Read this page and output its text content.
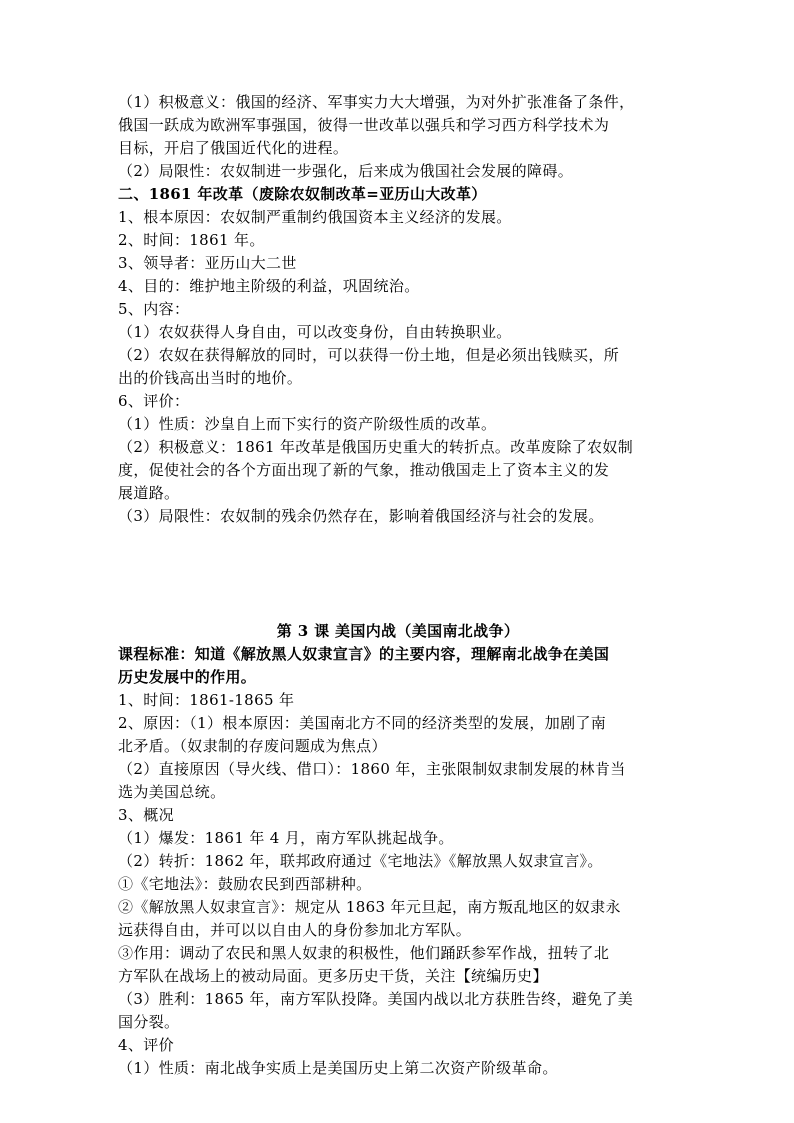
（1）积极意义：俄国的经济、军事实力大大增强，为对外扩张准备了条件，
俄国一跃成为欧洲军事强国，彼得一世改革以强兵和学习西方科学技术为
目标，开启了俄国近代化的进程。
（2）局限性：农奴制进一步强化，后来成为俄国社会发展的障碍。
二、1861 年改革（废除农奴制改革=亚历山大改革）
1、根本原因：农奴制严重制约俄国资本主义经济的发展。
2、时间：1861 年。
3、领导者：亚历山大二世
4、目的：维护地主阶级的利益，巩固统治。
5、内容：
（1）农奴获得人身自由，可以改变身份，自由转换职业。
（2）农奴在获得解放的同时，可以获得一份土地，但是必须出钱赎买，所
出的价钱高出当时的地价。
6、评价：
（1）性质：沙皇自上而下实行的资产阶级性质的改革。
（2）积极意义：1861 年改革是俄国历史重大的转折点。改革废除了农奴制
度，促使社会的各个方面出现了新的气象，推动俄国走上了资本主义的发
展道路。
（3）局限性：农奴制的残余仍然存在，影响着俄国经济与社会的发展。
第 3 课 美国内战（美国南北战争）
课程标准：知道《解放黑人奴隶宣言》的主要内容，理解南北战争在美国
历史发展中的作用。
1、时间：1861-1865 年
2、原因：（1）根本原因：美国南北方不同的经济类型的发展，加剧了南
北矛盾。（奴隶制的存废问题成为焦点）
（2）直接原因（导火线、借口）：1860 年，主张限制奴隶制发展的林肯当
选为美国总统。
3、概况
（1）爆发：1861 年 4 月，南方军队挑起战争。
（2）转折：1862 年，联邦政府通过《宅地法》《解放黑人奴隶宣言》。
①《宅地法》：鼓励农民到西部耕种。
②《解放黑人奴隶宣言》：规定从 1863 年元旦起，南方叛乱地区的奴隶永
远获得自由，并可以以自由人的身份参加北方军队。
③作用：调动了农民和黑人奴隶的积极性，他们踊跃参军作战，扭转了北
方军队在战场上的被动局面。更多历史干货，关注【统编历史】
（3）胜利：1865 年，南方军队投降。美国内战以北方获胜告终，避免了美
国分裂。
4、评价
（1）性质：南北战争实质上是美国历史上第二次资产阶级革命。
